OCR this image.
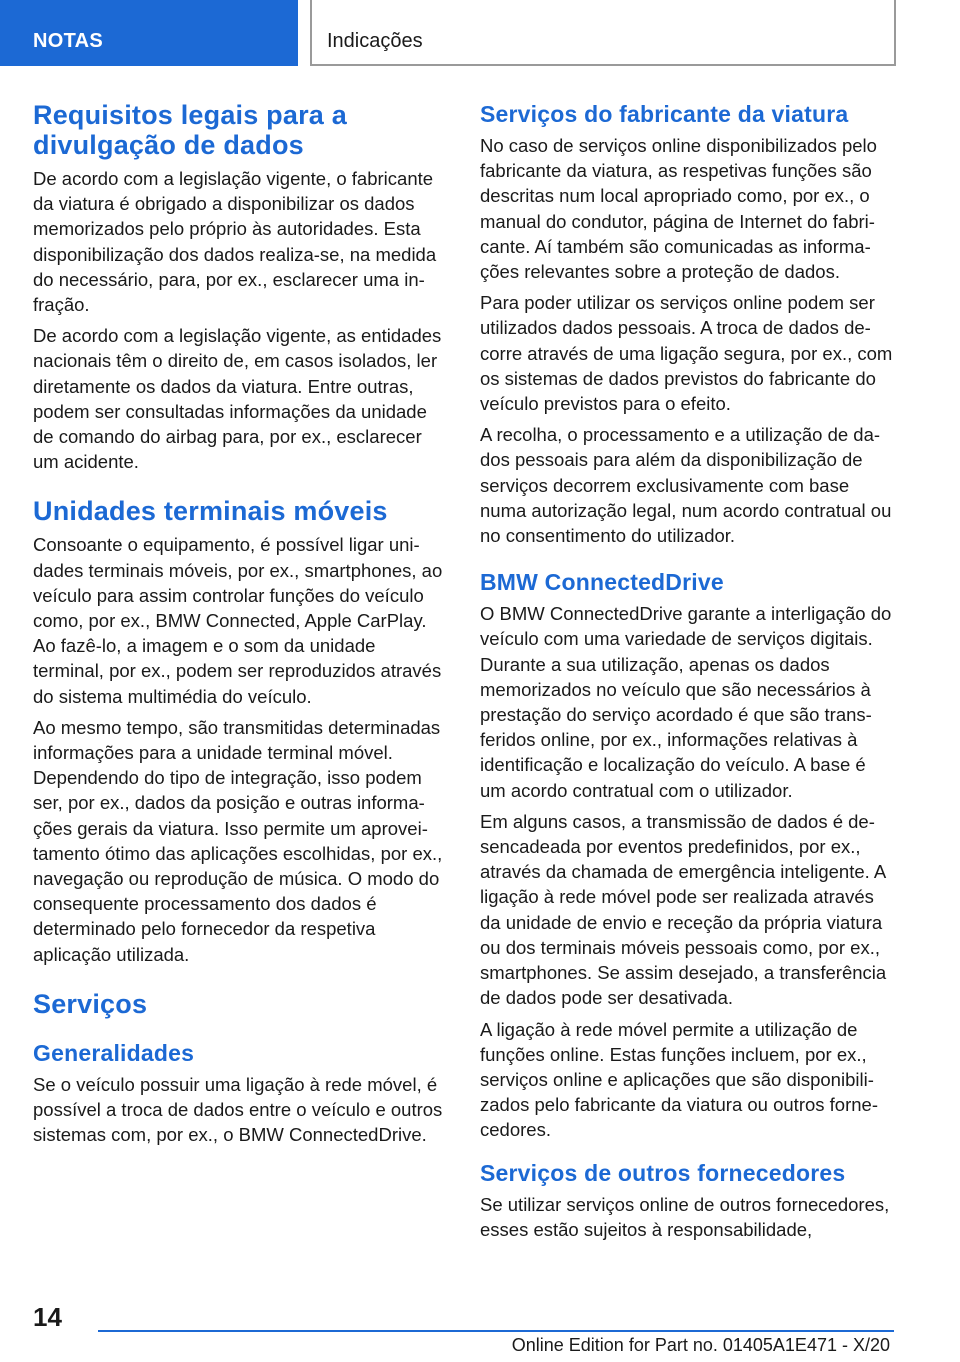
NOTAS	Indicações
Requisitos legais para a divulgação de dados

De acordo com a legislação vigente, o fabricante da viatura é obrigado a disponibilizar os dados memorizados pelo próprio às autoridades. Esta disponibilização dos dados realiza-se, na medida do necessário, para, por ex., esclarecer uma infração.

De acordo com a legislação vigente, as entidades nacionais têm o direito de, em casos isolados, ler diretamente os dados da viatura. Entre outras, podem ser consultadas informações da unidade de comando do airbag para, por ex., esclarecer um acidente.

Unidades terminais móveis

Consoante o equipamento, é possível ligar unidades terminais móveis, por ex., smartphones, ao veículo para assim controlar funções do veículo como, por ex., BMW Connected, Apple CarPlay. Ao fazê-lo, a imagem e o som da unidade terminal, por ex., podem ser reproduzidos através do sistema multimédia do veículo.

Ao mesmo tempo, são transmitidas determinadas informações para a unidade terminal móvel. Dependendo do tipo de integração, isso podem ser, por ex., dados da posição e outras informações gerais da viatura. Isso permite um aproveitamento ótimo das aplicações escolhidas, por ex., navegação ou reprodução de música. O modo do consequente processamento dos dados é determinado pelo fornecedor da respetiva aplicação utilizada.

Serviços
Generalidades

Se o veículo possuir uma ligação à rede móvel, é possível a troca de dados entre o veículo e outros sistemas com, por ex., o BMW ConnectedDrive.

Serviços do fabricante da viatura

No caso de serviços online disponibilizados pelo fabricante da viatura, as respetivas funções são descritas num local apropriado como, por ex., o manual do condutor, página de Internet do fabricante. Aí também são comunicadas as informações relevantes sobre a proteção de dados.

Para poder utilizar os serviços online podem ser utilizados dados pessoais. A troca de dados decorre através de uma ligação segura, por ex., com os sistemas de dados previstos do fabricante do veículo previstos para o efeito.

A recolha, o processamento e a utilização de dados pessoais para além da disponibilização de serviços decorrem exclusivamente com base numa autorização legal, num acordo contratual ou no consentimento do utilizador.

BMW ConnectedDrive

O BMW ConnectedDrive garante a interligação do veículo com uma variedade de serviços digitais. Durante a sua utilização, apenas os dados memorizados no veículo que são necessários à prestação do serviço acordado é que são transferidos online, por ex., informações relativas à identificação e localização do veículo. A base é um acordo contratual com o utilizador.

Em alguns casos, a transmissão de dados é desencadeada por eventos predefinidos, por ex., através da chamada de emergência inteligente. A ligação à rede móvel pode ser realizada através da unidade de envio e receção da própria viatura ou dos terminais móveis pessoais como, por ex., smartphones. Se assim desejado, a transferência de dados pode ser desativada.

A ligação à rede móvel permite a utilização de funções online. Estas funções incluem, por ex., serviços online e aplicações que são disponibilizados pelo fabricante da viatura ou outros fornecedores.

Serviços de outros fornecedores

Se utilizar serviços online de outros fornecedores, esses estão sujeitos à responsabilidade,

14
Online Edition for Part no. 01405A1E471 - X/20
